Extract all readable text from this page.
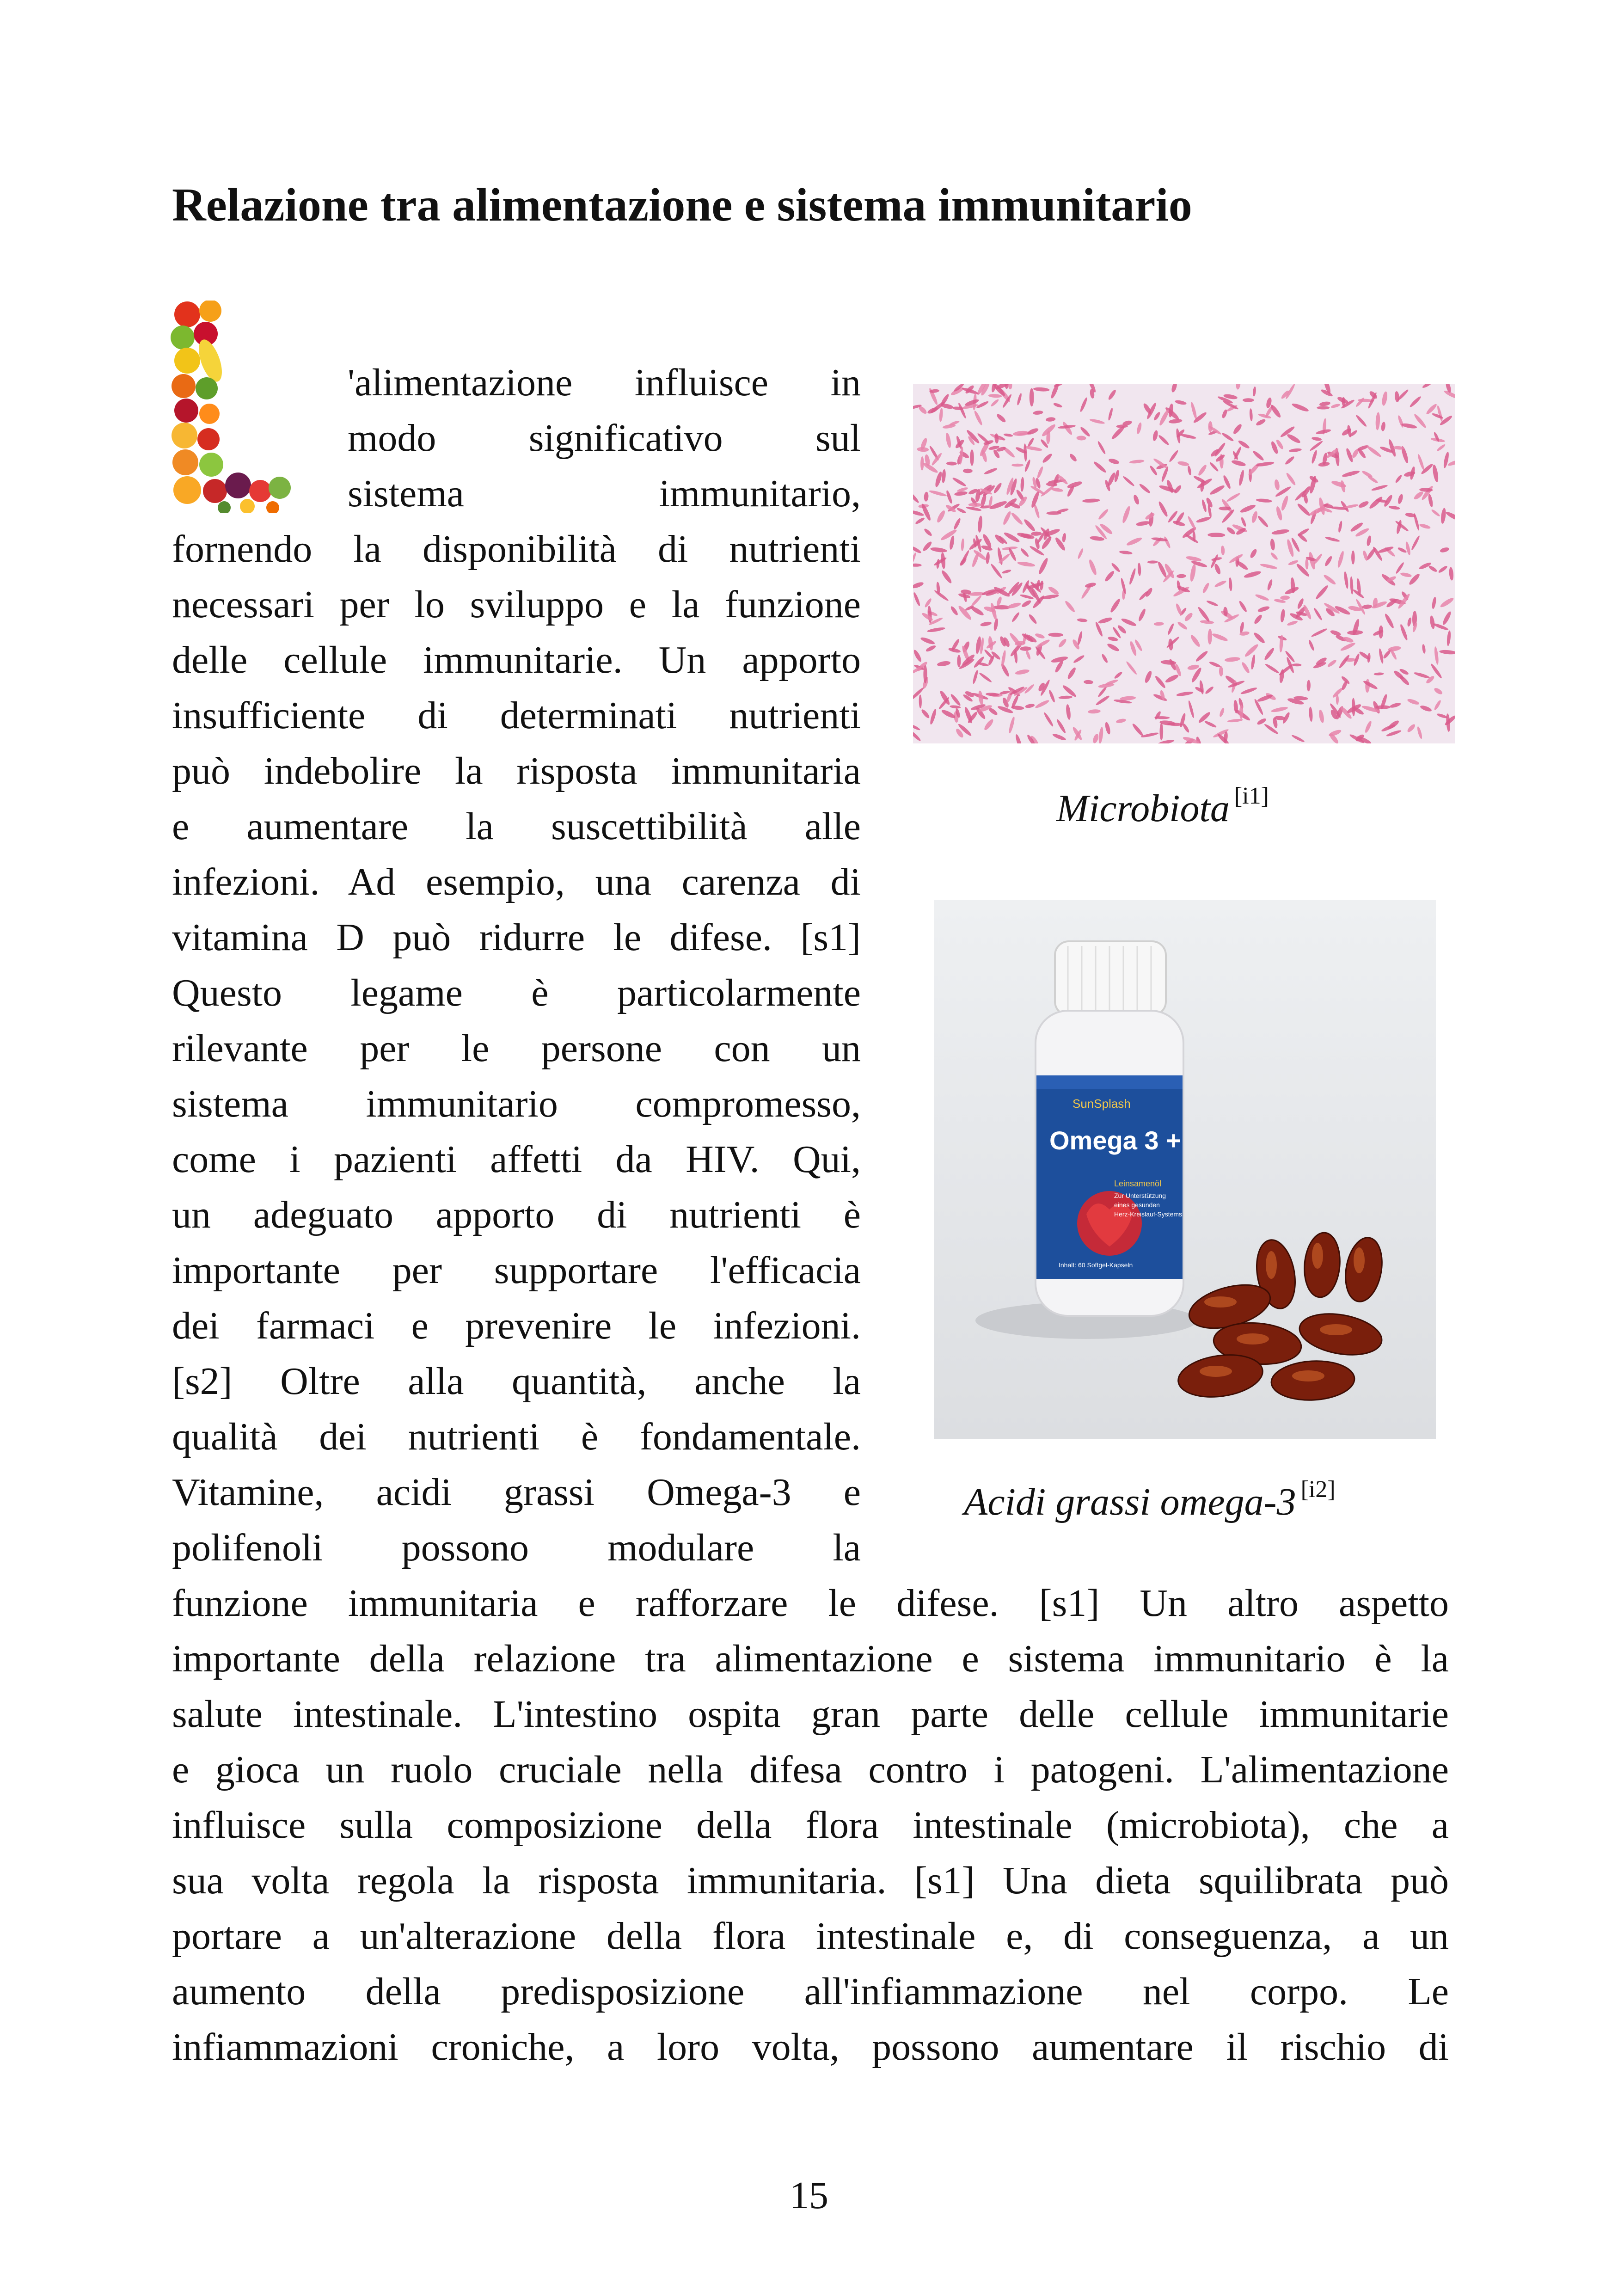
Relazione tra alimentazione e sistema immunitario
'alimentazione influisce in
modo significativo sul
sistema immunitario,
fornendo la disponibilità di nutrienti
necessari per lo sviluppo e la funzione
delle cellule immunitarie. Un apporto
insufficiente di determinati nutrienti
può indebolire la risposta immunitaria
e aumentare la suscettibilità alle
infezioni. Ad esempio, una carenza di
vitamina D può ridurre le difese. [s1]
Questo legame è particolarmente
rilevante per le persone con un
sistema immunitario compromesso,
come i pazienti affetti da HIV. Qui,
un adeguato apporto di nutrienti è
importante per supportare l'efficacia
dei farmaci e prevenire le infezioni.
[s2] Oltre alla quantità, anche la
qualità dei nutrienti è fondamentale.
Vitamine, acidi grassi Omega-3 e
polifenoli possono modulare la
funzione immunitaria e rafforzare le difese. [s1] Un altro aspetto
importante della relazione tra alimentazione e sistema immunitario è la
salute intestinale. L'intestino ospita gran parte delle cellule immunitarie
e gioca un ruolo cruciale nella difesa contro i patogeni. L'alimentazione
influisce sulla composizione della flora intestinale (microbiota), che a
sua volta regola la risposta immunitaria. [s1] Una dieta squilibrata può
portare a un'alterazione della flora intestinale e, di conseguenza, a un
aumento della predisposizione all'infiammazione nel corpo. Le
infiammazioni croniche, a loro volta, possono aumentare il rischio di
Microbiota [i1]
SunSplash
Omega 3 +
Leinsamenöl
Zur Unterstützung
eines gesunden
Herz-Kreislauf-Systems
Inhalt: 60 Softgel-Kapseln
Acidi grassi omega-3 [i2]
15
